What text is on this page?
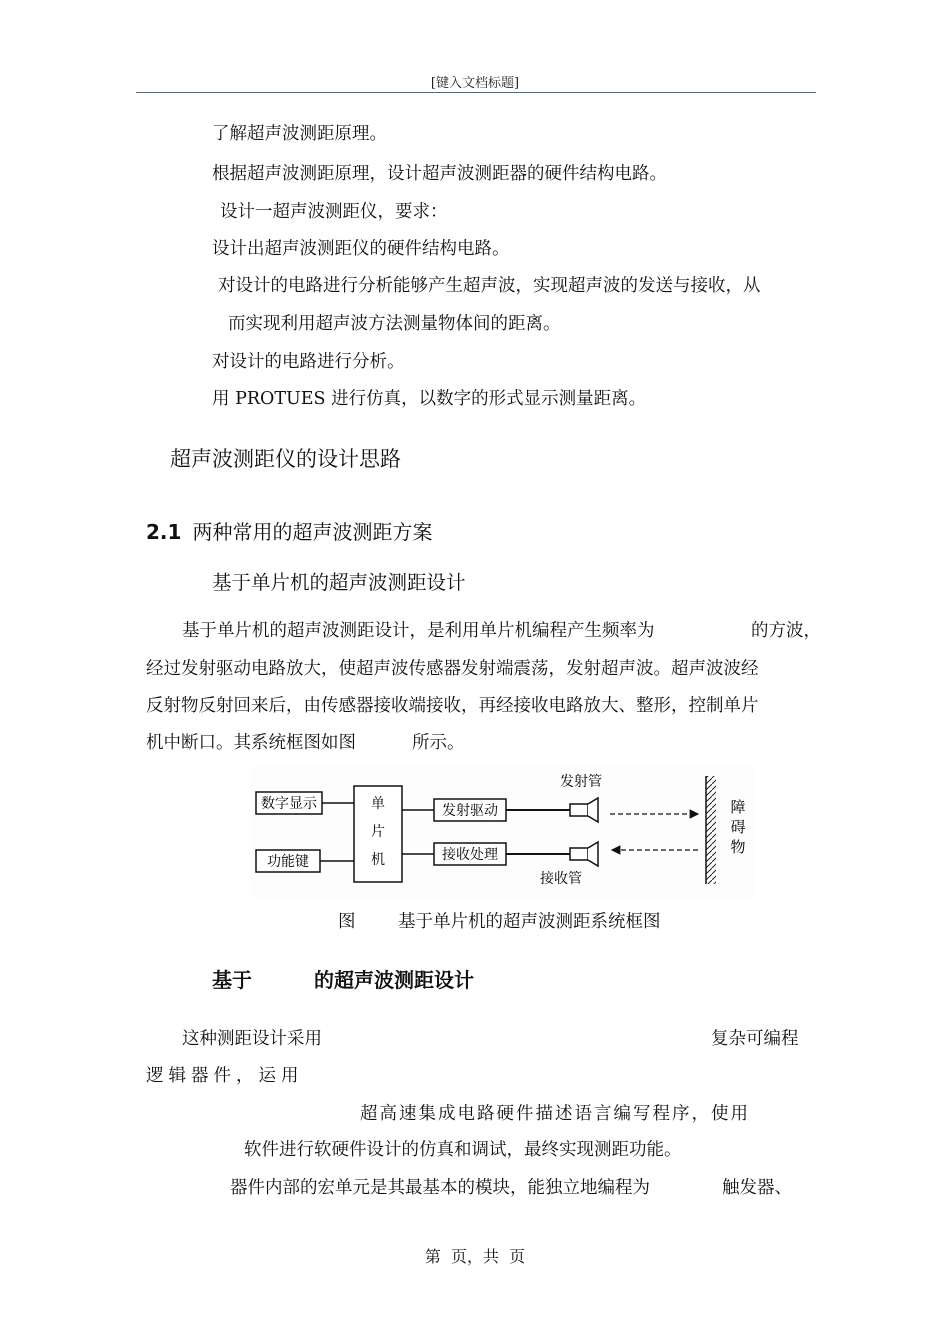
[键入文档标题]
了解超声波测距原理。
根据超声波测距原理，设计超声波测距器的硬件结构电路。
设计一超声波测距仪，要求：
设计出超声波测距仪的硬件结构电路。
对设计的电路进行分析能够产生超声波，实现超声波的发送与接收，从
而实现利用超声波方法测量物体间的距离。
对设计的电路进行分析。
用 PROTUES 进行仿真，以数字的形式显示测量距离。
超声波测距仪的设计思路
2.1 两种常用的超声波测距方案
基于单片机的超声波测距设计
基于单片机的超声波测距设计，是利用单片机编程产生频率为	的方波，
经过发射驱动电路放大，使超声波传感器发射端震荡，发射超声波。超声波波经
反射物反射回来后，由传感器接收端接收，再经接收电路放大、整形，控制单片
机中断口。其系统框图如图	所示。
数字显示
功能键
单
片
机
发射驱动
接收处理
发射管
接收管
障
碍
物
图 基于单片机的超声波测距系统框图
基于	的超声波测距设计
这种测距设计采用	复杂可编程
逻辑器件，运用
超高速集成电路硬件描述语言编写程序，使用
软件进行软硬件设计的仿真和调试，最终实现测距功能。
器件内部的宏单元是其最基本的模块，能独立地编程为	触发器、
第  页，共  页
